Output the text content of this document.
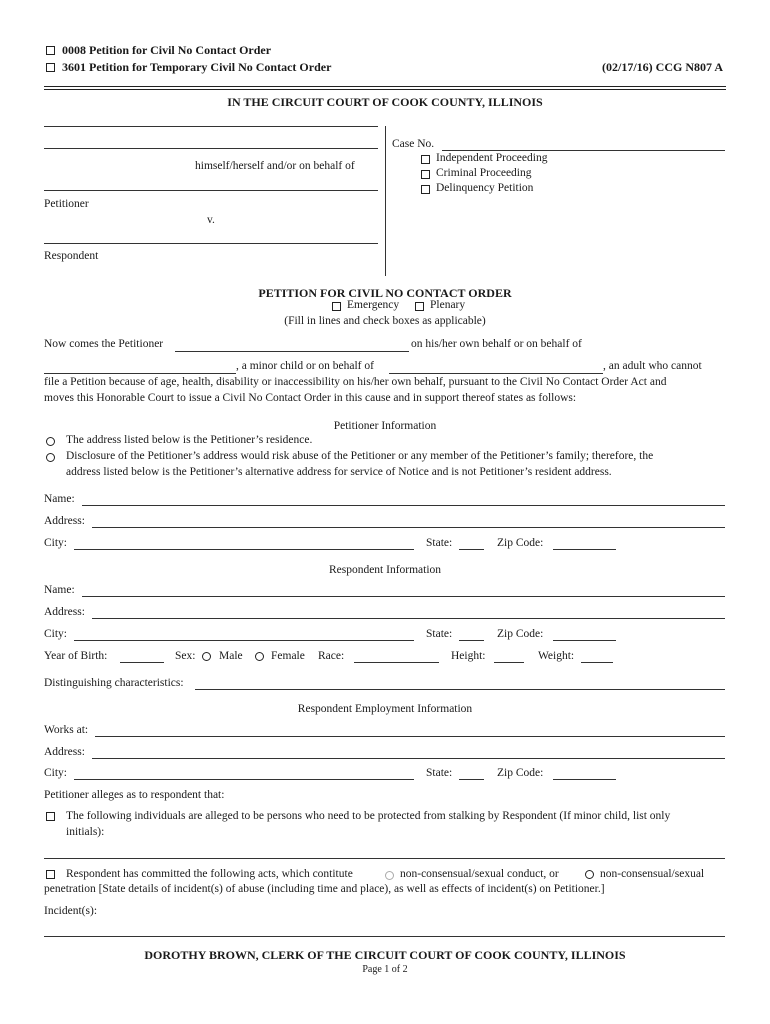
0008 Petition for Civil No Contact Order
3601 Petition for Temporary Civil No Contact Order	(02/17/16) CCG N807 A
IN THE CIRCUIT COURT OF COOK COUNTY, ILLINOIS
himself/herself and/or on behalf of
Petitioner
v.
Respondent
Case No.
Independent Proceeding
Criminal Proceeding
Delinquency Petition
PETITION FOR CIVIL NO CONTACT ORDER
Emergency	Plenary
(Fill in lines and check boxes as applicable)
Now comes the Petitioner	on his/her own behalf or on behalf of
, a minor child or on behalf of	, an adult who cannot
file a Petition because of age, health, disability or inaccessibility on his/her own behalf, pursuant to the Civil No Contact Order Act and
moves this Honorable Court to issue a Civil No Contact Order in this cause and in support thereof states as follows:
Petitioner Information
The address listed below is the Petitioner’s residence.
Disclosure of the Petitioner’s address would risk abuse of the Petitioner or any member of the Petitioner’s family; therefore, the
address listed below is the Petitioner’s alternative address for service of Notice and is not Petitioner’s resident address.
Name:
Address:
City:	State:	Zip Code:
Respondent Information
Name:
Address:
City:	State:	Zip Code:
Year of Birth:	Sex: Male Female Race:	Height:	Weight:
Distinguishing characteristics:
Respondent Employment Information
Works at:
Address:
City:	State:	Zip Code:
Petitioner alleges as to respondent that:
The following individuals are alleged to be persons who need to be protected from stalking by Respondent (If minor child, list only
initials):
Respondent has committed the following acts, which contitute	non-consensual/sexual conduct, or	non-consensual/sexual
penetration [State details of incident(s) of abuse (including time and place), as well as effects of incident(s) on Petitioner.]
Incident(s):
DOROTHY BROWN, CLERK OF THE CIRCUIT COURT OF COOK COUNTY, ILLINOIS
Page 1 of 2
